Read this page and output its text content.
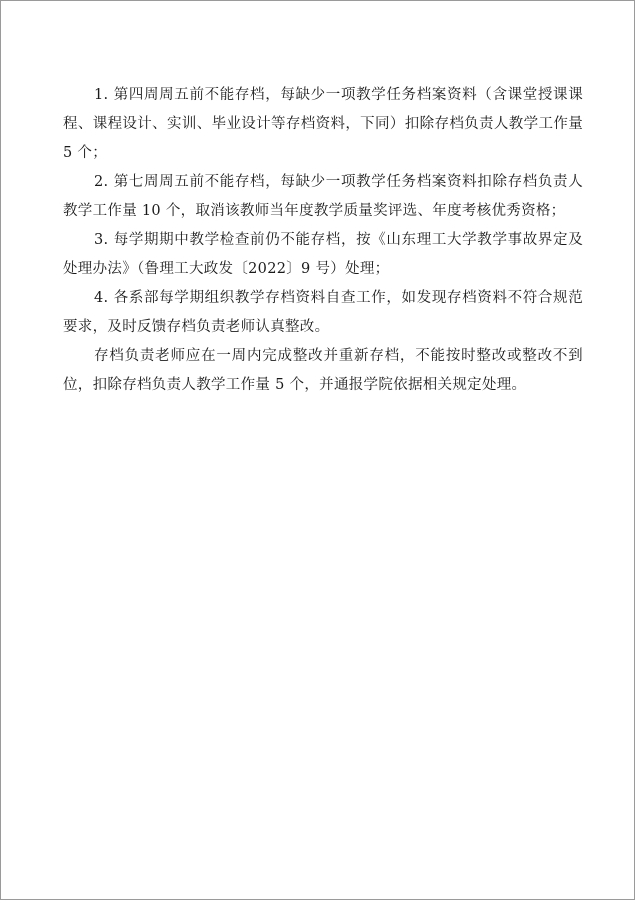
1. 第四周周五前不能存档，每缺少一项教学任务档案资料（含课堂授课课程、课程设计、实训、毕业设计等存档资料，下同）扣除存档负责人教学工作量 5 个；

2. 第七周周五前不能存档，每缺少一项教学任务档案资料扣除存档负责人教学工作量 10 个，取消该教师当年度教学质量奖评选、年度考核优秀资格；

3. 每学期期中教学检查前仍不能存档，按《山东理工大学教学事故界定及处理办法》（鲁理工大政发〔2022〕9 号）处理；

4. 各系部每学期组织教学存档资料自查工作，如发现存档资料不符合规范要求，及时反馈存档负责老师认真整改。

存档负责老师应在一周内完成整改并重新存档，不能按时整改或整改不到位，扣除存档负责人教学工作量 5 个，并通报学院依据相关规定处理。
